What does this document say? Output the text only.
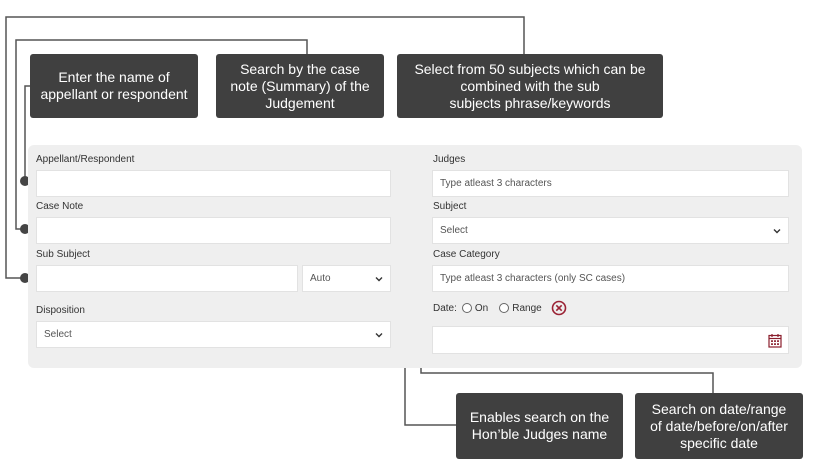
Enter the name of
appellant or respondent
Search by the case
note (Summary) of the
Judgement
Select from 50 subjects which can be
combined with the sub
subjects phrase/keywords
Enables search on the
Hon’ble Judges name
Search on date/range
of date/before/on/after
specific date
Appellant/Respondent
Case Note
Sub Subject
Auto
Disposition
Select
Judges
Type atleast 3 characters
Subject
Select
Case Category
Type atleast 3 characters (only SC cases)
Date: On Range
